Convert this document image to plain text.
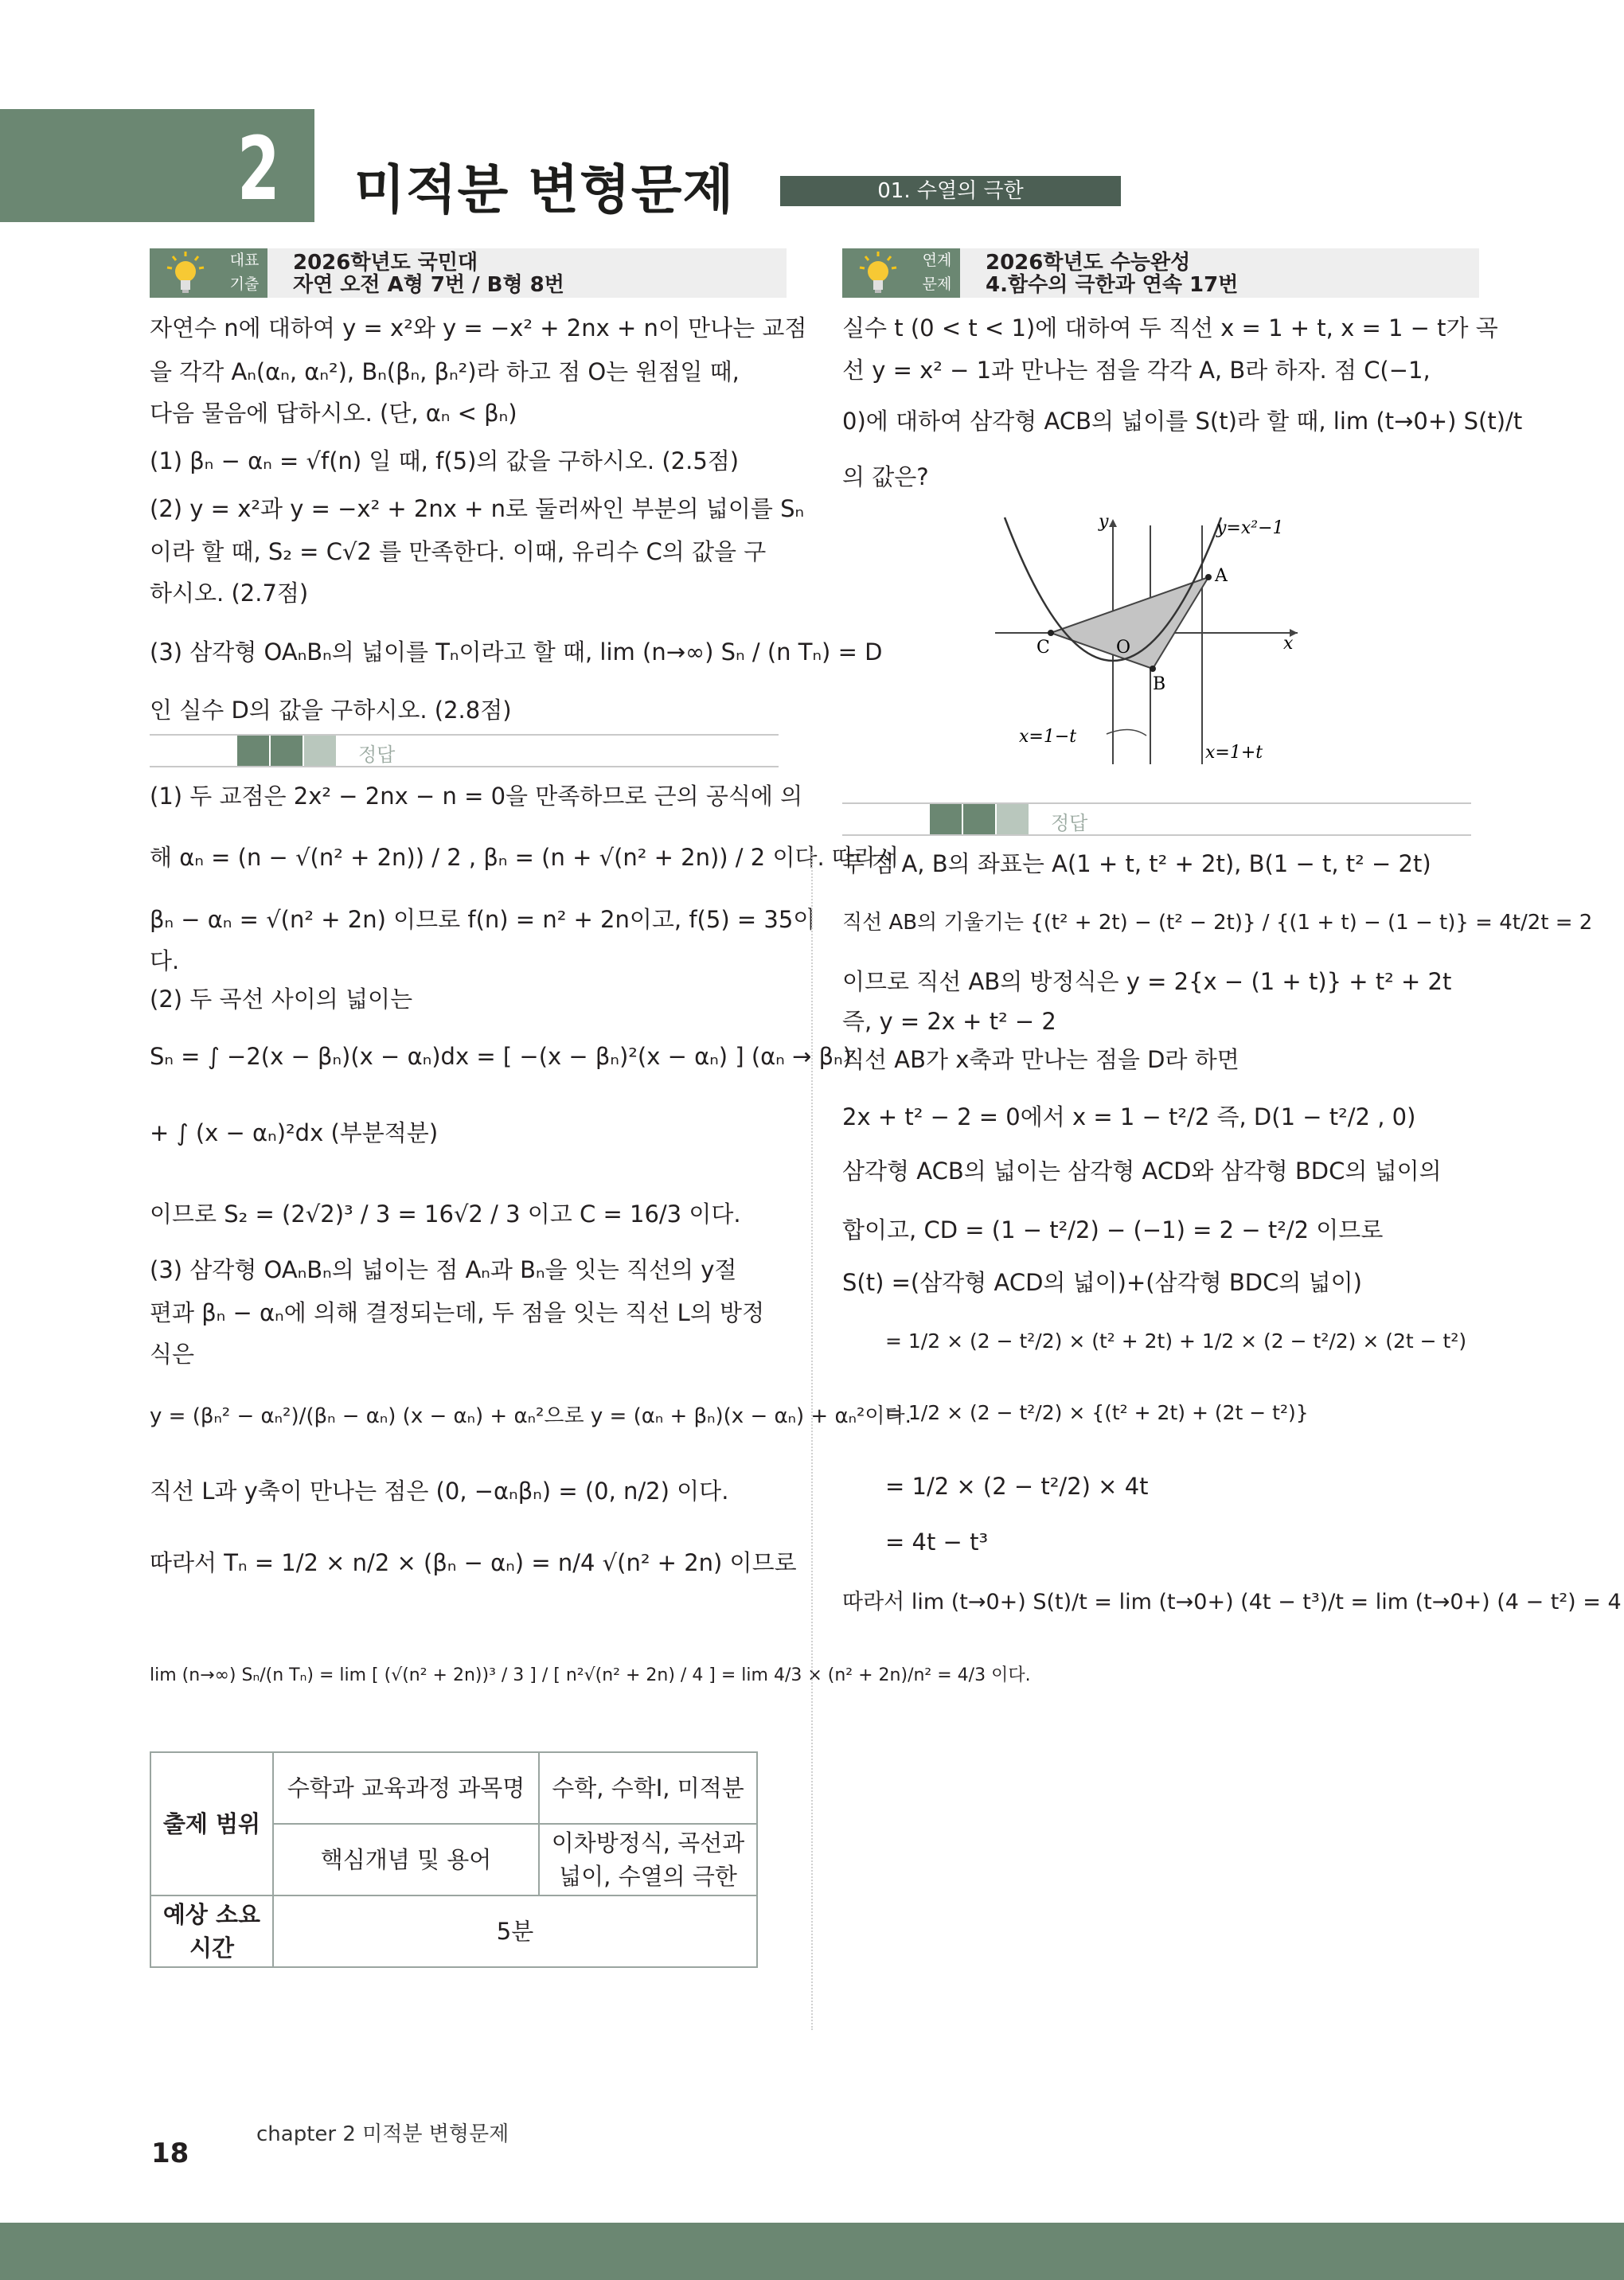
2 미적분 변형문제	01. 수열의 극한
대표
기출
2026학년도 국민대
자연 오전 A형 7번 / B형 8번
자연수 n에 대하여 y = x²와 y = −x² + 2nx + n이 만나는 교점
을 각각 Aₙ(αₙ, αₙ²), Bₙ(βₙ, βₙ²)라 하고 점 O는 원점일 때,
다음 물음에 답하시오. (단, αₙ < βₙ)
(1) βₙ − αₙ = √f(n) 일 때, f(5)의 값을 구하시오. (2.5점)
(2) y = x²과 y = −x² + 2nx + n로 둘러싸인 부분의 넓이를 Sₙ
이라 할 때, S₂ = C√2 를 만족한다. 이때, 유리수 C의 값을 구
하시오. (2.7점)
(3) 삼각형 OAₙBₙ의 넓이를 Tₙ이라고 할 때, lim (n→∞) Sₙ / (n Tₙ) = D
인 실수 D의 값을 구하시오. (2.8점)
정답
(1) 두 교점은 2x² − 2nx − n = 0을 만족하므로 근의 공식에 의
해 αₙ = (n − √(n² + 2n)) / 2 , βₙ = (n + √(n² + 2n)) / 2 이다. 따라서
βₙ − αₙ = √(n² + 2n) 이므로 f(n) = n² + 2n이고, f(5) = 35이
다.
(2) 두 곡선 사이의 넓이는
Sₙ = ∫ −2(x − βₙ)(x − αₙ)dx = [ −(x − βₙ)²(x − αₙ) ] (αₙ → βₙ)
+ ∫ (x − αₙ)²dx (부분적분)
이므로 S₂ = (2√2)³ / 3 = 16√2 / 3 이고 C = 16/3 이다.
(3) 삼각형 OAₙBₙ의 넓이는 점 Aₙ과 Bₙ을 잇는 직선의 y절
편과 βₙ − αₙ에 의해 결정되는데, 두 점을 잇는 직선 L의 방정
식은
y = (βₙ² − αₙ²)/(βₙ − αₙ) (x − αₙ) + αₙ²으로 y = (αₙ + βₙ)(x − αₙ) + αₙ²이다.
직선 L과 y축이 만나는 점은 (0, −αₙβₙ) = (0, n/2) 이다.
따라서 Tₙ = 1/2 × n/2 × (βₙ − αₙ) = n/4 √(n² + 2n) 이므로
lim (n→∞) Sₙ/(n Tₙ) = lim [ (√(n² + 2n))³ / 3 ] / [ n²√(n² + 2n) / 4 ] = lim 4/3 × (n² + 2n)/n² = 4/3 이다.
출제 범위	수학과 교육과정 과목명	수학, 수학Ⅰ, 미적분
	핵심개념 및 용어	이차방정식, 곡선과 넓이, 수열의 극한
예상 소요시간	5분	
연계
문제
2026학년도 수능완성
4.함수의 극한과 연속 17번
실수 t (0 < t < 1)에 대하여 두 직선 x = 1 + t, x = 1 − t가 곡
선 y = x² − 1과 만나는 점을 각각 A, B라 하자. 점 C(−1,
0)에 대하여 삼각형 ACB의 넓이를 S(t)라 할 때, lim (t→0+) S(t)/t
의 값은?
y=x²−1
y
x
A
B
C	O
x=1−t
x=1+t
정답
두 점 A, B의 좌표는 A(1 + t, t² + 2t), B(1 − t, t² − 2t)
직선 AB의 기울기는 {(t² + 2t) − (t² − 2t)} / {(1 + t) − (1 − t)} = 4t/2t = 2
이므로 직선 AB의 방정식은 y = 2{x − (1 + t)} + t² + 2t
즉, y = 2x + t² − 2
직선 AB가 x축과 만나는 점을 D라 하면
2x + t² − 2 = 0에서 x = 1 − t²/2 즉, D(1 − t²/2 , 0)
삼각형 ACB의 넓이는 삼각형 ACD와 삼각형 BDC의 넓이의
합이고, CD = (1 − t²/2) − (−1) = 2 − t²/2 이므로
S(t) =(삼각형 ACD의 넓이)+(삼각형 BDC의 넓이)
= 1/2 × (2 − t²/2) × (t² + 2t) + 1/2 × (2 − t²/2) × (2t − t²)
= 1/2 × (2 − t²/2) × {(t² + 2t) + (2t − t²)}
= 1/2 × (2 − t²/2) × 4t
= 4t − t³
따라서 lim (t→0+) S(t)/t = lim (t→0+) (4t − t³)/t = lim (t→0+) (4 − t²) = 4
18
chapter 2 미적분 변형문제
